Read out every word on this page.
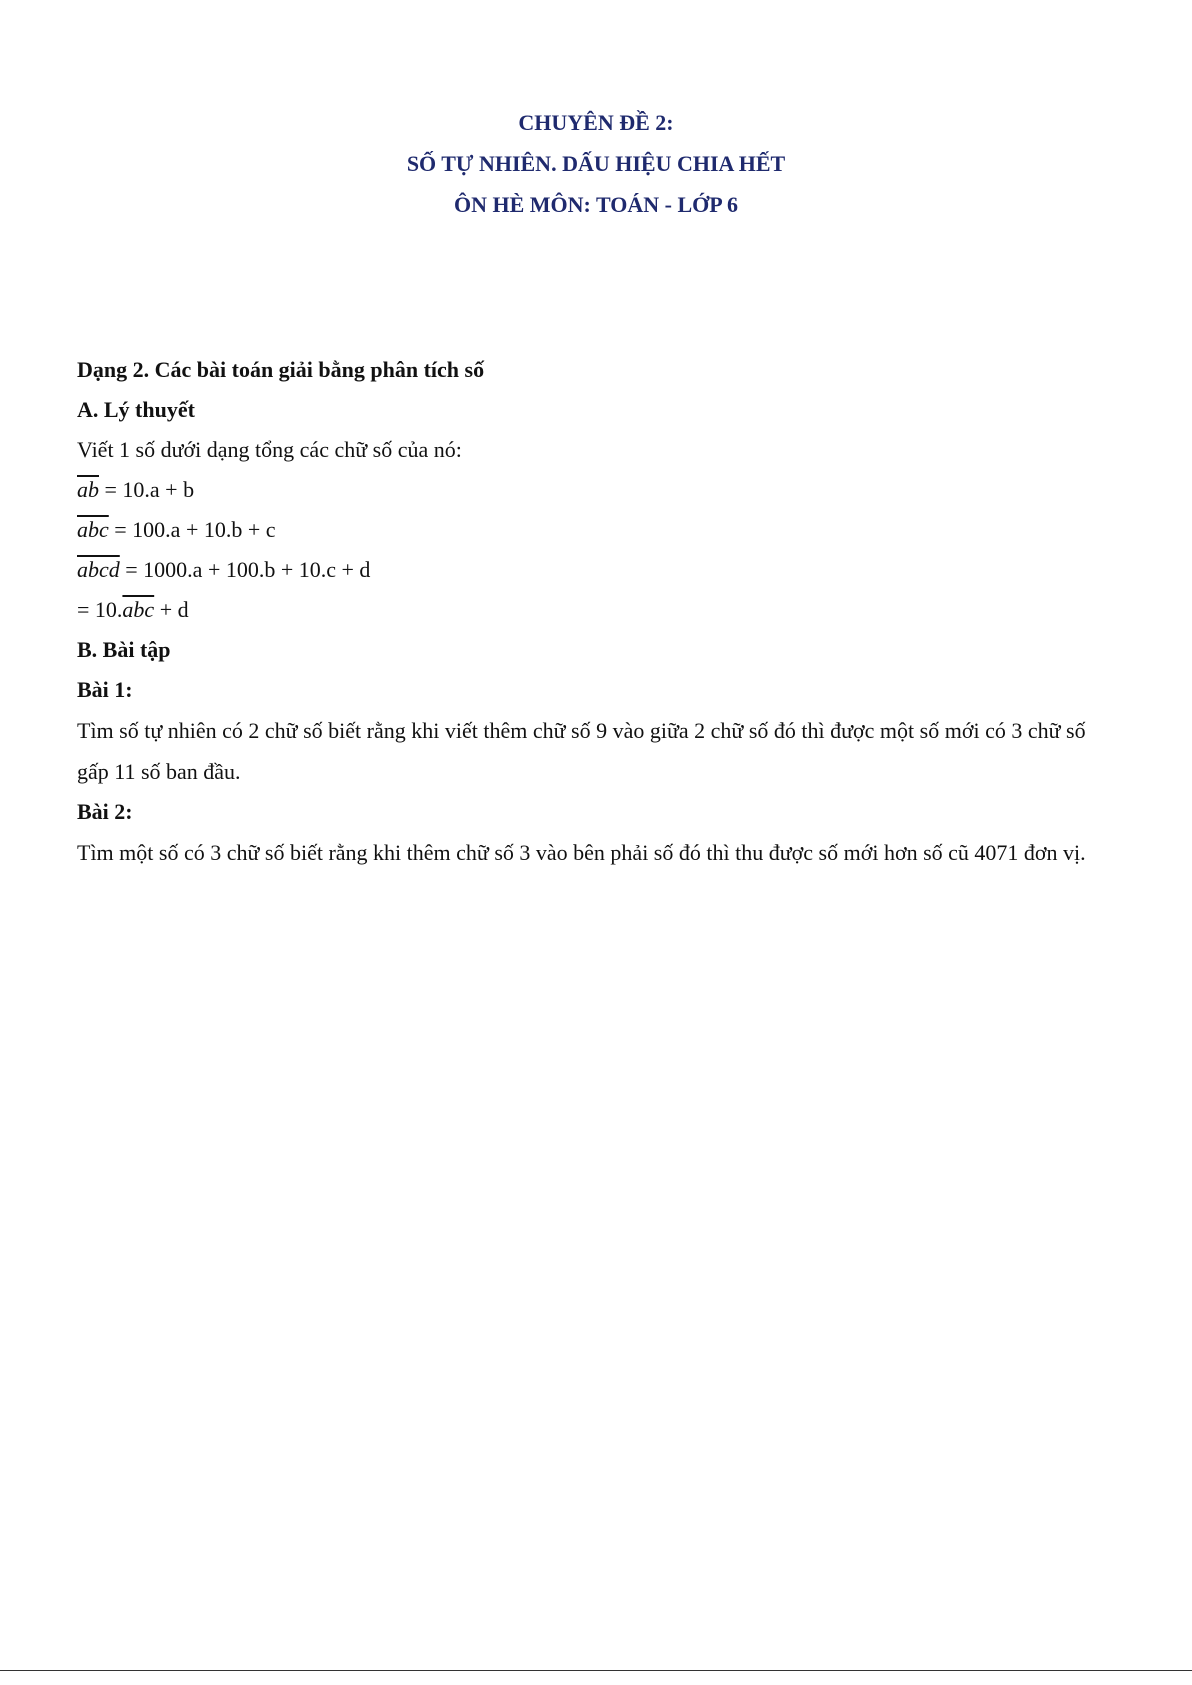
CHUYÊN ĐỀ 2:
SỐ TỰ NHIÊN. DẤU HIỆU CHIA HẾT
ÔN HÈ MÔN: TOÁN - LỚP 6
Dạng 2. Các bài toán giải bằng phân tích số
A. Lý thuyết
Viết 1 số dưới dạng tổng các chữ số của nó:
$\overline{ab} = 10.a + b$
$\overline{abc} = 100.a + 10.b + c$
abcd = 1000.a + 100.b + 10.c + d
= $10.\overline{abc} + d$
B. Bài tập
Bài 1:
Tìm số tự nhiên có 2 chữ số biết rằng khi viết thêm chữ số 9 vào giữa 2 chữ số đó thì được một số mới có 3 chữ số gấp 11 số ban đầu.
Bài 2:
Tìm một số có 3 chữ số biết rằng khi thêm chữ số 3 vào bên phải số đó thì thu được số mới hơn số cũ 4071 đơn vị.
